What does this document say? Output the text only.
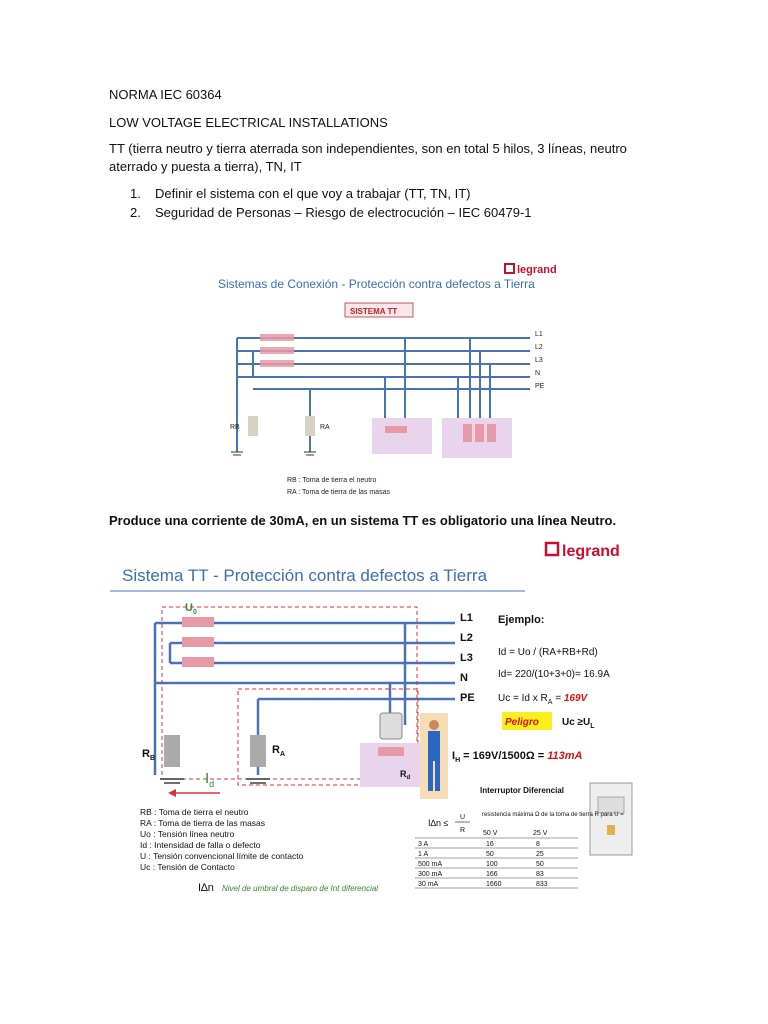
NORMA IEC 60364
LOW VOLTAGE ELECTRICAL INSTALLATIONS
TT (tierra neutro y tierra aterrada son independientes, son en total 5 hilos, 3 líneas, neutro aterrado y puesta a tierra), TN, IT
1.	Definir el sistema con el que voy a trabajar (TT, TN, IT)
2.	Seguridad de Personas – Riesgo de electrocución – IEC 60479-1
legrand
Sistemas de Conexión - Protección contra defectos a Tierra
SISTEMA TT
L1
L2
L3
N
PE
RB	RA
RB : Toma de tierra el neutro
RA : Toma de tierra de las masas
Produce una corriente de 30mA, en un sistema TT es obligatorio una línea Neutro.
legrand
Sistema TT - Protección contra defectos a Tierra
$U_0$	L1
L2
L3
N
PE
$R_B$
$R_A$
$I_d$
$R_d$
Ejemplo:
Id = Uo / (RA+RB+Rd)
Id= 220/(10+3+0)= 16.9A
Uc = Id x $R_A = 169V$
Peligro $Uc \ge U_L$
$I_H = 169V/1500\Omega = 113mA$
Interruptor Diferencial
I∆n ≤
U
R
resistencia máxima Ω de la toma de tierra R para U =
50 V	25 V
3 A	16	8
1 A	50	25
500 mA	100	50
300 mA	166	83
30 mA	1660	833
RB : Toma de tierra el neutro
RA : Toma de tierra de las masas
Uo : Tensión línea neutro
Id : Intensidad de falla o defecto
U : Tensión convencional límite de contacto
Uc : Tensión de Contacto
I∆n Nivel de umbral de disparo de Int diferencial
